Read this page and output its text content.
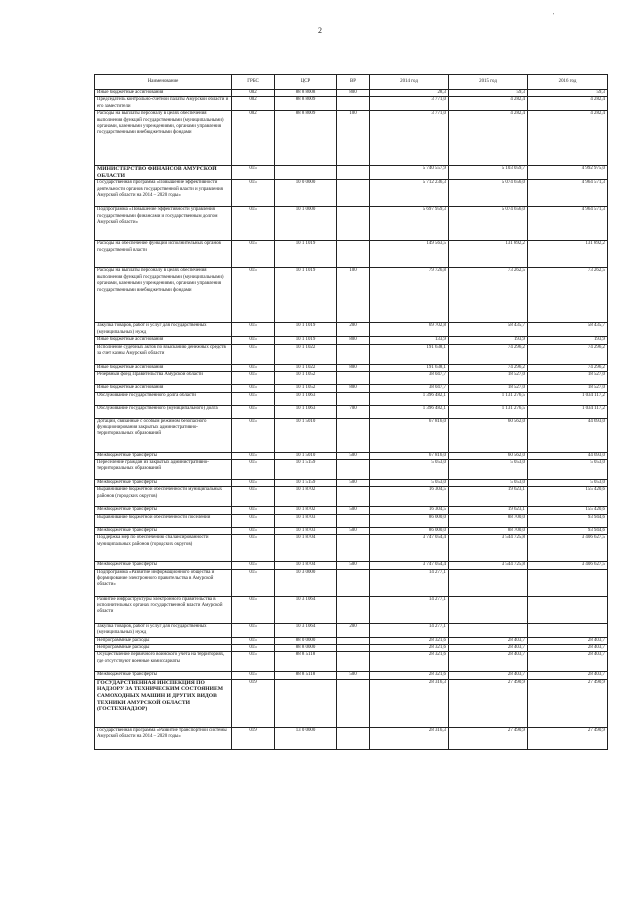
2
Наименование	ГРБС	ЦСР	ВР	2014 год	2015 год	2016 год
Иные бюджетные ассигнования	002	88 8 8008	800	28,3	59,3	59,3
Председатель контрольно-счетной палаты Амурской области и его заместители	002	88 8 8009		3 771,0	4 282,4	4 282,4
Расходы на выплаты персоналу в целях обеспечения выполнения функций государственными (муниципальными) органами, казенными учреждениями, органами управления государственными внебюджетными фондами	002	88 8 8009	100	3 771,0	4 282,4	4 282,4
МИНИСТЕРСТВО ФИНАНСОВ АМУРСКОЙ ОБЛАСТИ	015			5 740 557,9	5 103 059,7	4 992 975,0
Государственная программа «Повышение эффективности деятельности органов государственной власти и управления Амурской области на 2014 – 2020 годы»	015	10 0 0000		5 712 236,3	5 074 656,0	4 964 571,3
Подпрограмма «Повышение эффективности управления государственными финансами и государственным долгом Амурской области»	015	10 1 0000		5 697 959,3	5 074 656,0	4 964 571,3
Расходы на обеспечение функций исполнительных органов государственной власти	015	10 1 1019		149 563,5	131 892,2	131 892,2
Расходы на выплаты персоналу в целях обеспечения выполнения функций государственными (муниципальными) органами, казенными учреждениями, органами управления государственными внебюджетными фондами	015	10 1 1019	100	79 726,8	73 262,5	73 262,5
Закупка товаров, работ и услуг для государственных (муниципальных) нужд	015	10 1 1019	200	69 702,8	58 435,7	58 435,7
Иные бюджетные ассигнования	015	10 1 1019	800	133,9	193,9	193,9
Исполнение судебных актов по взысканию денежных средств за счет казны Амурской области	015	10 1 1022		191 638,1	74 296,2	74 296,2
Иные бюджетные ассигнования	015	10 1 1022	800	191 638,1	74 296,2	74 296,2
Резервный фонд Правительства Амурской области	015	10 1 1052		38 047,7	18 527,0	18 527,0
Иные бюджетные ассигнования	015	10 1 1052	800	38 047,7	18 527,0	18 527,0
Обслуживание государственного долга области	015	10 1 1063		1 396 482,1	1 131 276,5	1 034 117,2
Обслуживание государственного (муниципального) долга	015	10 1 1063	700	1 396 482,1	1 131 276,5	1 034 117,2
Дотации, связанные с особым режимом безопасного функционирования закрытых административно-территориальных образований	015	10 1 5010		67 816,0	60 562,0	44 693,0
Межбюджетные трансферты	015	10 1 5010	500	67 816,0	60 562,0	44 693,0
Переселение граждан из закрытых административно-территориальных образований	015	10 1 5159		5 053,0	5 053,0	5 053,0
Межбюджетные трансферты	015	10 1 5159	500	5 053,0	5 053,0	5 053,0
Выравнивание бюджетной обеспеченности муниципальных районов (городских округов)	015	10 1 8702		16 304,5	19 623,1	155 420,6
Межбюджетные трансферты	015	10 1 8702	500	16 304,5	19 623,1	155 420,6
Выравнивание бюджетной обеспеченности поселений	015	10 1 8703		86 000,0	88 700,0	93 944,6
Межбюджетные трансферты	015	10 1 8703	500	86 000,0	88 700,0	93 944,6
Поддержка мер по обеспечению сбалансированности муниципальных районов (городских округов)	015	10 1 8704		3 747 054,4	3 544 725,8	3 406 627,5
Межбюджетные трансферты	015	10 1 8704	500	3 747 054,4	3 544 725,8	3 406 627,5
Подпрограмма «Развитие информационного общества и формирование электронного правительства в Амурской области»	015	10 3 0000		14 277,1		
Развитие инфраструктуры электронного правительства в исполнительных органах государственной власти Амурской области	015	10 3 1064		14 277,1		
Закупка товаров, работ и услуг для государственных (муниципальных) нужд	015	10 3 1064	200	14 277,1		
Непрограммные расходы	015	88 0 0000		28 321,6	28 403,7	28 403,7
Непрограммные расходы	015	88 8 0000		28 321,6	28 403,7	28 403,7
Осуществление первичного воинского учета на территориях, где отсутствуют военные комиссариаты	015	88 8 5118		28 321,6	28 403,7	28 403,7
Межбюджетные трансферты	015	88 8 5118	500	28 321,6	28 403,7	28 403,7
ГОСУДАРСТВЕННАЯ ИНСПЕКЦИЯ ПО НАДЗОРУ ЗА ТЕХНИЧЕСКИМ СОСТОЯНИЕМ САМОХОДНЫХ МАШИН И ДРУГИХ ВИДОВ ТЕХНИКИ АМУРСКОЙ ОБЛАСТИ (ГОСТЕХНАДЗОР)	019			28 316,3	27 490,9	27 490,9
Государственная программа «Развитие транспортной системы Амурской области на 2014 – 2020 годы»	019	13 0 0000		28 316,3	27 490,9	27 490,9
'
